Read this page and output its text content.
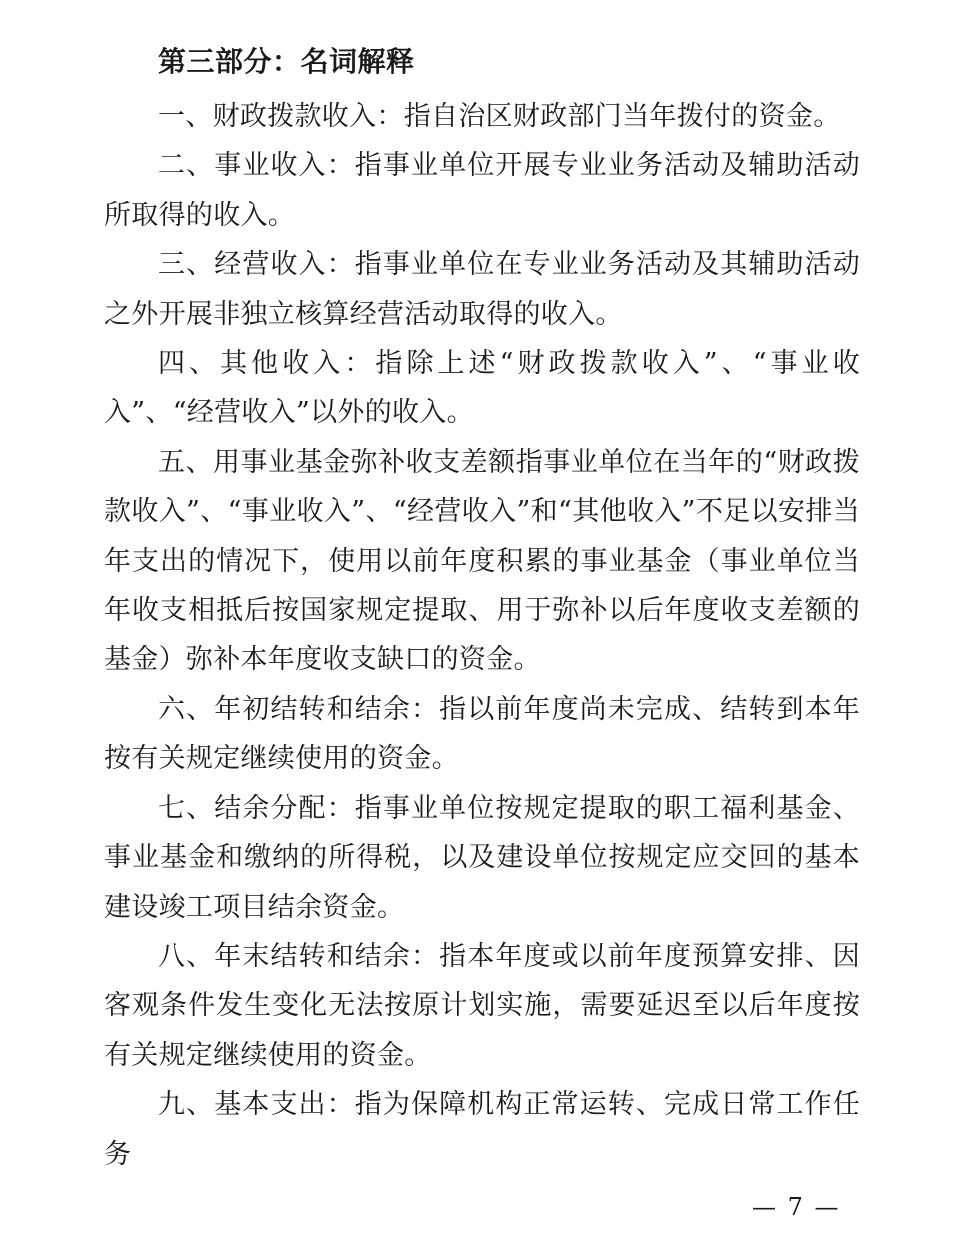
第三部分：名词解释

一、财政拨款收入：指自治区财政部门当年拨付的资金。

二、事业收入：指事业单位开展专业业务活动及辅助活动所取得的收入。

三、经营收入：指事业单位在专业业务活动及其辅助活动之外开展非独立核算经营活动取得的收入。

四、其他收入：指除上述“财政拨款收入”、“事业收入”、“经营收入”以外的收入。

五、用事业基金弥补收支差额指事业单位在当年的“财政拨款收入”、“事业收入”、“经营收入”和“其他收入”不足以安排当年支出的情况下，使用以前年度积累的事业基金（事业单位当年收支相抵后按国家规定提取、用于弥补以后年度收支差额的基金）弥补本年度收支缺口的资金。

六、年初结转和结余：指以前年度尚未完成、结转到本年按有关规定继续使用的资金。

七、结余分配：指事业单位按规定提取的职工福利基金、事业基金和缴纳的所得税，以及建设单位按规定应交回的基本建设竣工项目结余资金。

八、年末结转和结余：指本年度或以前年度预算安排、因客观条件发生变化无法按原计划实施，需要延迟至以后年度按有关规定继续使用的资金。

九、基本支出：指为保障机构正常运转、完成日常工作任务

— 7 —
